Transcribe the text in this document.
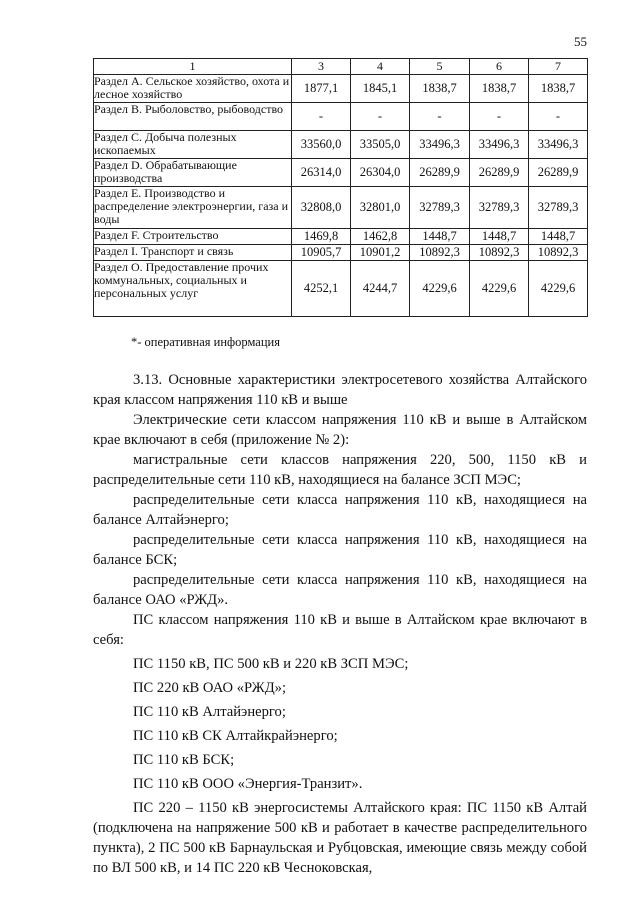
55
1	3	4	5	6	7
Раздел А. Сельское хозяйство, охота и лесное хозяйство	1877,1	1845,1	1838,7	1838,7	1838,7
Раздел В. Рыболовство, рыбоводство	-	-	-	-	-
Раздел С. Добыча полезных ископаемых	33560,0	33505,0	33496,3	33496,3	33496,3
Раздел D. Обрабатывающие производства	26314,0	26304,0	26289,9	26289,9	26289,9
Раздел Е. Производство и распределение электроэнергии, газа и воды	32808,0	32801,0	32789,3	32789,3	32789,3
Раздел F. Строительство	1469,8	1462,8	1448,7	1448,7	1448,7
Раздел I. Транспорт и связь	10905,7	10901,2	10892,3	10892,3	10892,3
Раздел О. Предоставление прочих коммунальных, социальных и персональных услуг	4252,1	4244,7	4229,6	4229,6	4229,6
*- оперативная информация

3.13. Основные характеристики электросетевого хозяйства Алтайского края классом напряжения 110 кВ и выше

Электрические сети классом напряжения 110 кВ и выше в Алтайском крае включают в себя (приложение № 2):

магистральные сети классов напряжения 220, 500, 1150 кВ и распределительные сети 110 кВ, находящиеся на балансе ЗСП МЭС;

распределительные сети класса напряжения 110 кВ, находящиеся на балансе Алтайэнерго;

распределительные сети класса напряжения 110 кВ, находящиеся на балансе БСК;

распределительные сети класса напряжения 110 кВ, находящиеся на балансе ОАО «РЖД».

ПС классом напряжения 110 кВ и выше в Алтайском крае включают в себя:

ПС 1150 кВ, ПС 500 кВ и 220 кВ ЗСП МЭС;

ПС 220 кВ ОАО «РЖД»;

ПС 110 кВ Алтайэнерго;

ПС 110 кВ СК Алтайкрайэнерго;

ПС 110 кВ БСК;

ПС 110 кВ ООО «Энергия-Транзит».

ПС 220 – 1150 кВ энергосистемы Алтайского края: ПС 1150 кВ Алтай (подключена на напряжение 500 кВ и работает в качестве распределительного пункта), 2 ПС 500 кВ Барнаульская и Рубцовская, имеющие связь между собой по ВЛ 500 кВ, и 14 ПС 220 кВ Чесноковская,
